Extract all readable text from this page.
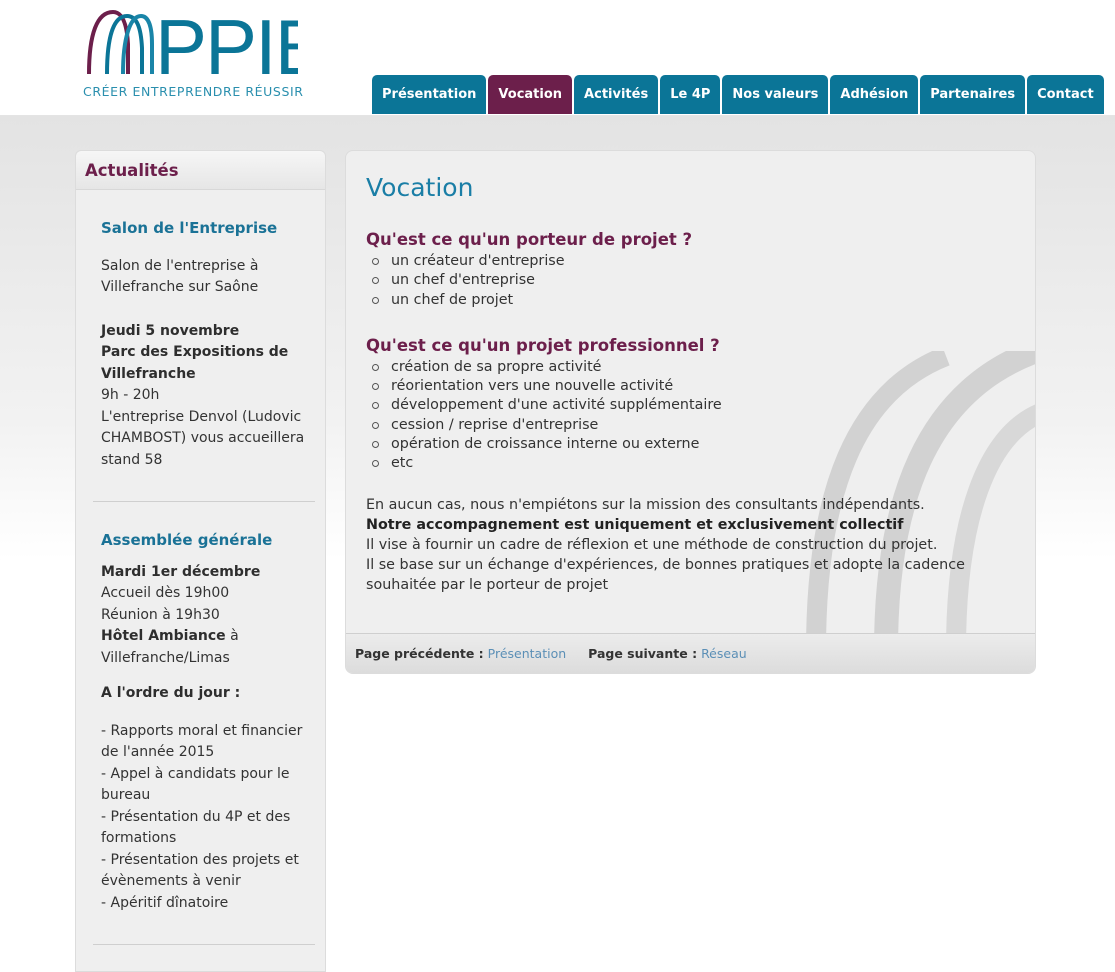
PPI
CRÉER ENTREPRENDRE RÉUSSIR	Présentation	Vocation	Activités	Le 4P	Nos valeurs	Adhésion	Partenaires	Contact
Actualités
Salon de l'Entreprise

Salon de l'entreprise à Villefranche sur Saône

Jeudi 5 novembre

Parc des Expositions de Villefranche

9h - 20h

L'entreprise Denvol (Ludovic CHAMBOST) vous accueillera stand 58

Assemblée générale

Mardi 1er décembre

Accueil dès 19h00

Réunion à 19h30

Hôtel Ambiance à Villefranche/Limas

A l'ordre du jour :

- Rapports moral et financier de l'année 2015

- Appel à candidats pour le bureau

- Présentation du 4P et des formations

- Présentation des projets et évènements à venir

- Apéritif dînatoire

Vocation
Qu'est ce qu'un porteur de projet ?
un créateur d'entreprise
un chef d'entreprise
un chef de projet
Qu'est ce qu'un projet professionnel ?
création de sa propre activité
réorientation vers une nouvelle activité
développement d'une activité supplémentaire
cession / reprise d'entreprise
opération de croissance interne ou externe
etc
En aucun cas, nous n'empiétons sur la mission des consultants indépendants.
Notre accompagnement est uniquement et exclusivement collectif
Il vise à fournir un cadre de réflexion et une méthode de construction du projet.
Il se base sur un échange d'expériences, de bonnes pratiques et adopte la cadence souhaitée par le porteur de projet
Page précédente : Présentation Page suivante : Réseau
